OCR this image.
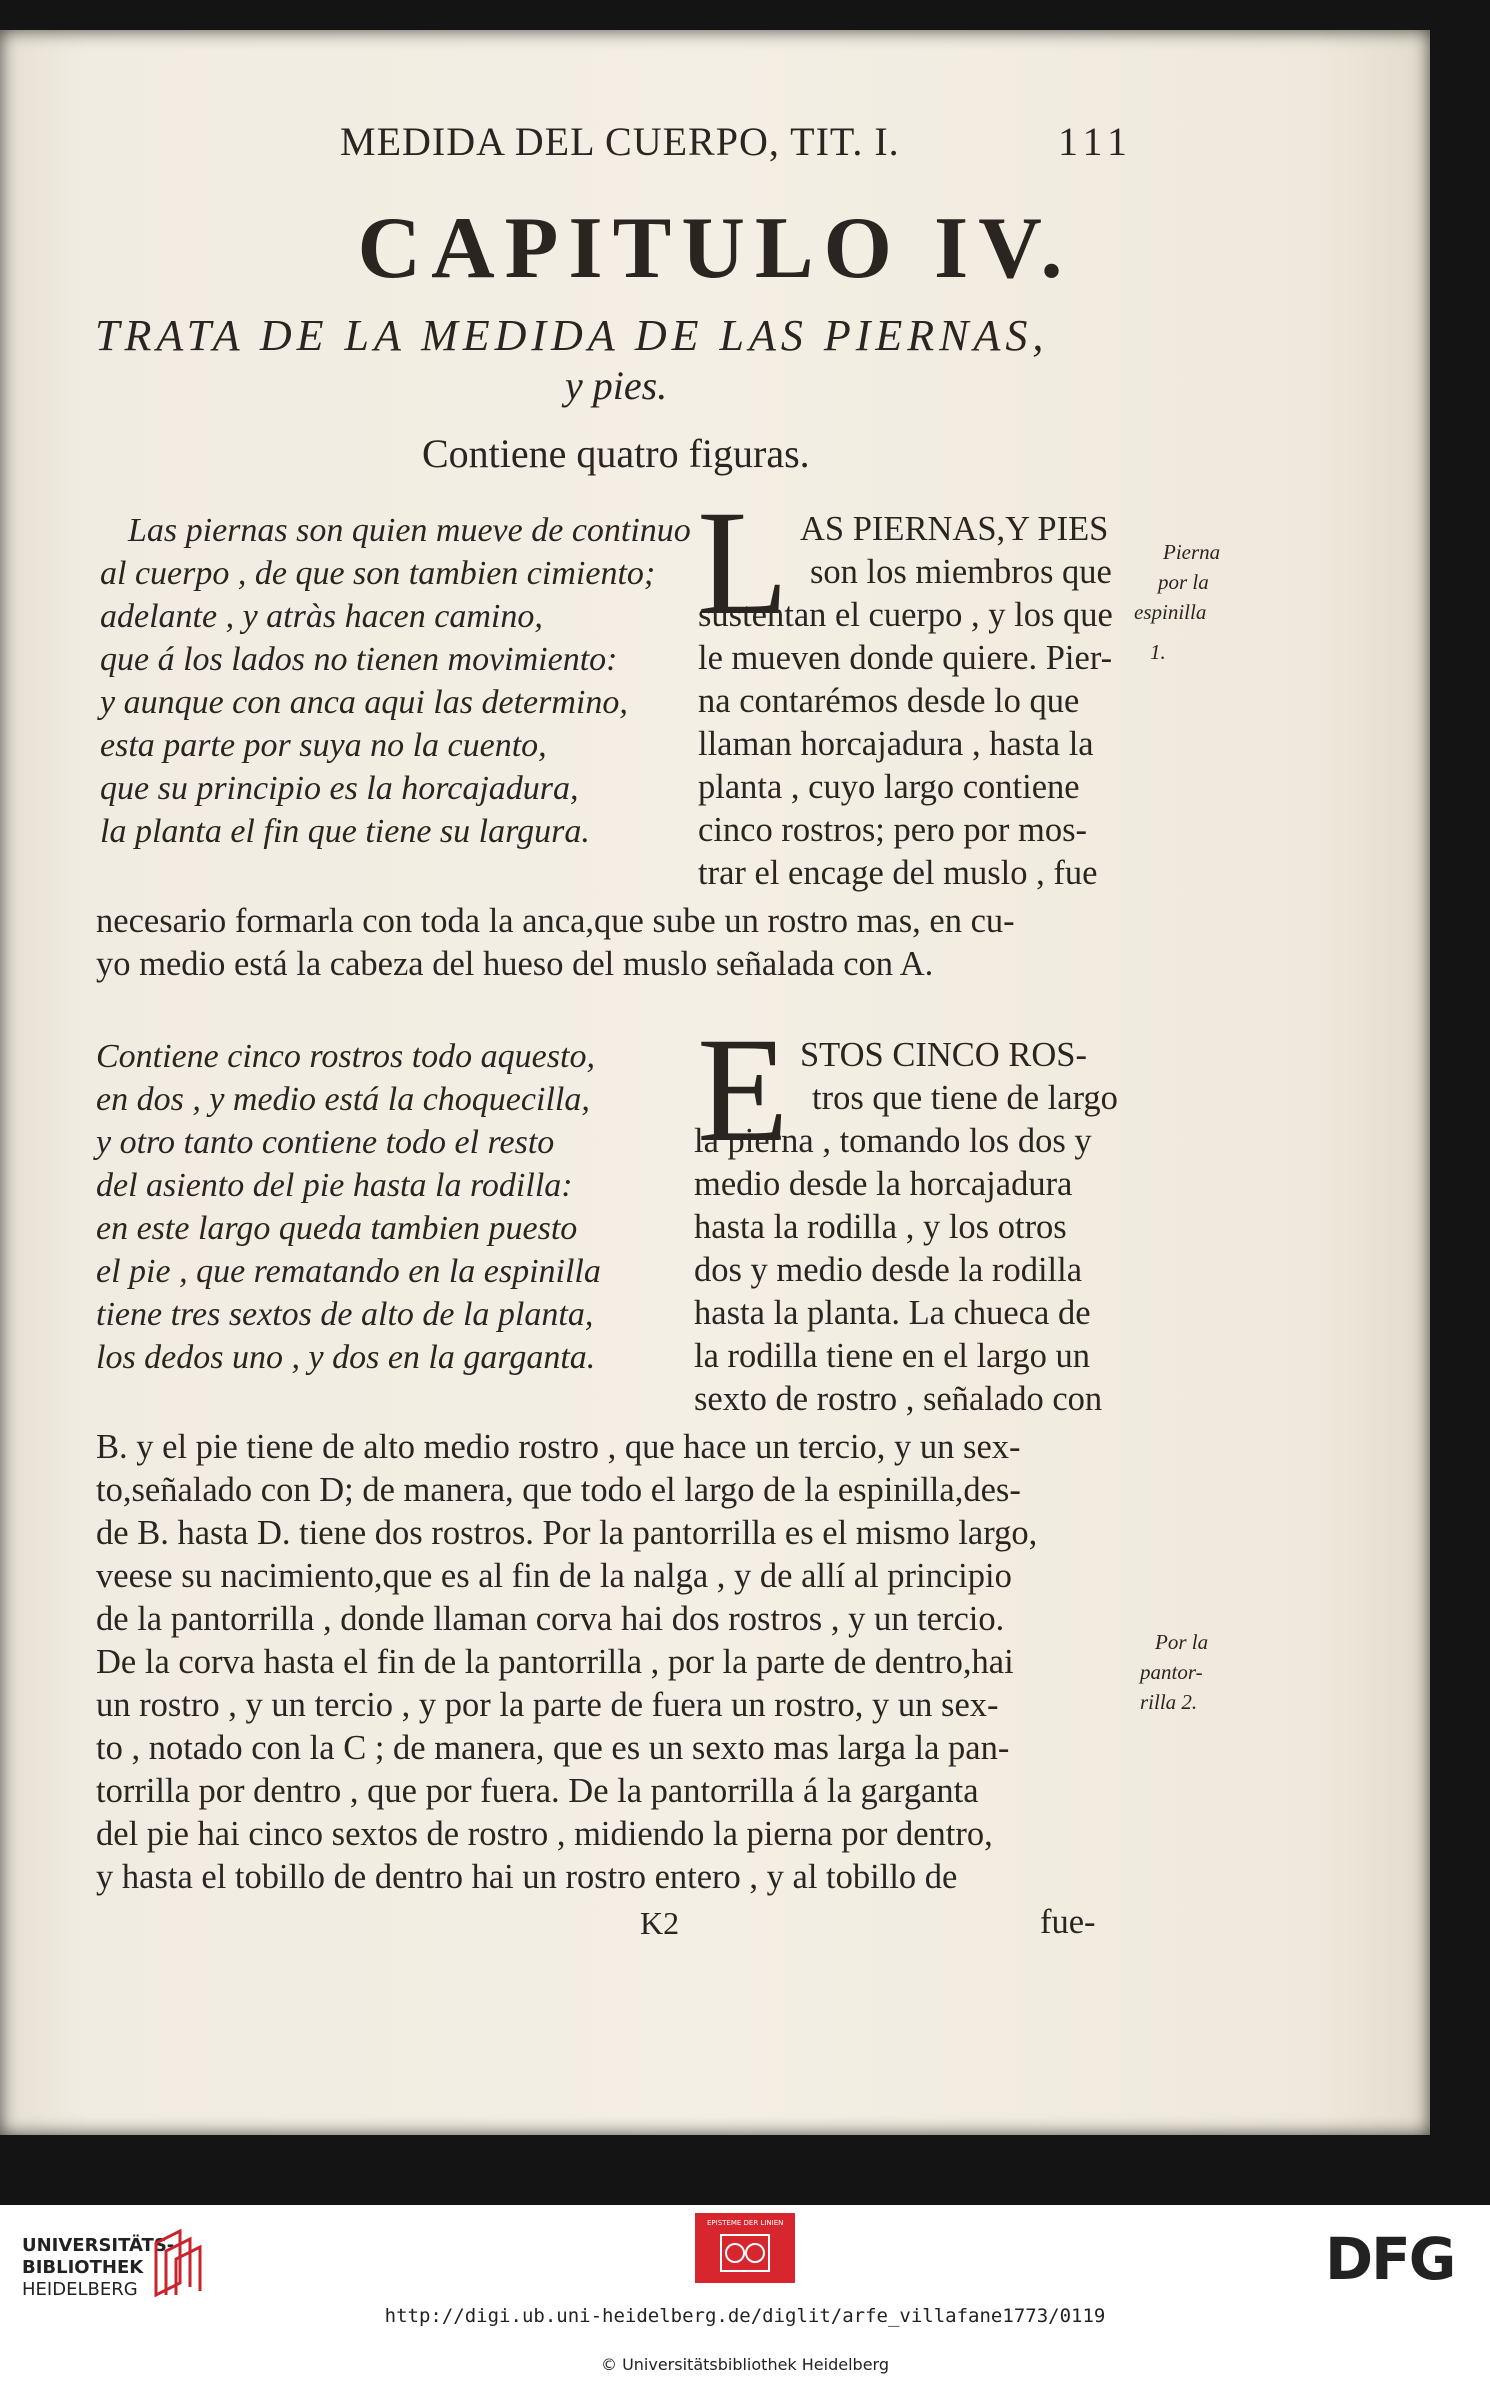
MEDIDA DEL CUERPO, TIT. I.	111
CAPITULO IV.
TRATA DE LA MEDIDA DE LAS PIERNAS,
y pies.
Contiene quatro figuras.
Las piernas son quien mueve de continuo
al cuerpo , de que son tambien cimiento;
adelante , y atràs hacen camino,
que á los lados no tienen movimiento:
y aunque con anca aqui las determino,
esta parte por suya no la cuento,
que su principio es la horcajadura,
la planta el fin que tiene su largura.
L AS PIERNAS,Y PIES
son los miembros que
sustentan el cuerpo , y los que
le mueven donde quiere. Pier-
na contarémos desde lo que
llaman horcajadura , hasta la
planta , cuyo largo contiene
cinco rostros; pero por mos-
trar el encage del muslo , fue
necesario formarla con toda la anca,que sube un rostro mas, en cu-
yo medio está la cabeza del hueso del muslo señalada con A.
Pierna
por la
espinilla
1.
Contiene cinco rostros todo aquesto,
en dos , y medio está la choquecilla,
y otro tanto contiene todo el resto
del asiento del pie hasta la rodilla:
en este largo queda tambien puesto
el pie , que rematando en la espinilla
tiene tres sextos de alto de la planta,
los dedos uno , y dos en la garganta.
E STOS CINCO ROS-
tros que tiene de largo
la pierna , tomando los dos y
medio desde la horcajadura
hasta la rodilla , y los otros
dos y medio desde la rodilla
hasta la planta. La chueca de
la rodilla tiene en el largo un
sexto de rostro , señalado con
B. y el pie tiene de alto medio rostro , que hace un tercio, y un sex-
to,señalado con D; de manera, que todo el largo de la espinilla,des-
de B. hasta D. tiene dos rostros. Por la pantorrilla es el mismo largo,
veese su nacimiento,que es al fin de la nalga , y de allí al principio
de la pantorrilla , donde llaman corva hai dos rostros , y un tercio.
De la corva hasta el fin de la pantorrilla , por la parte de dentro,hai
un rostro , y un tercio , y por la parte de fuera un rostro, y un sex-
to , notado con la C ; de manera, que es un sexto mas larga la pan-
torrilla por dentro , que por fuera. De la pantorrilla á la garganta
del pie hai cinco sextos de rostro , midiendo la pierna por dentro,
y hasta el tobillo de dentro hai un rostro entero , y al tobillo de
Por la
pantor-
rilla 2.
K2	fue-
UNIVERSITÄTS-
BIBLIOTHEK
HEIDELBERG
EPISTEME DER LINIEN
DFG
http://digi.ub.uni-heidelberg.de/diglit/arfe_villafane1773/0119
© Universitätsbibliothek Heidelberg
